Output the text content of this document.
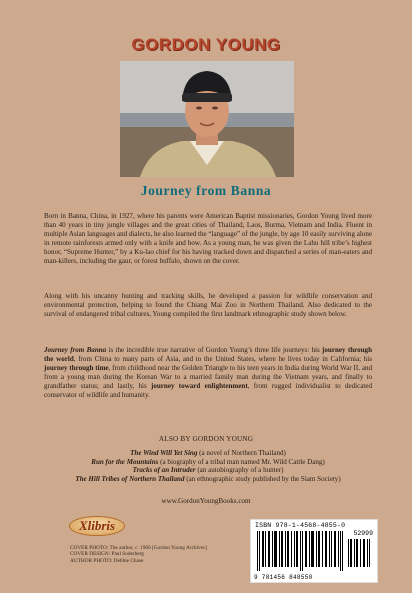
GORDON YOUNG
Journey from Banna

Born in Banna, China, in 1927, where his parents were American Baptist missionaries, Gordon Young lived more than 40 years in tiny jungle villages and the great cities of Thailand, Laos, Burma, Vietnam and India. Fluent in multiple Asian languages and dialects, he also learned the “language” of the jungle, by age 10 easily surviving alone in remote rainforests armed only with a knife and bow. As a young man, he was given the Lahu hill tribe’s highest honor, “Supreme Hunter,” by a Ku-lao chief for his having tracked down and dispatched a series of man-eaters and man-killers, including the gaur, or forest buffalo, shown on the cover.

Along with his uncanny hunting and tracking skills, he developed a passion for wildlife conservation and environmental protection, helping to found the Chiang Mai Zoo in Northern Thailand. Also dedicated to the survival of endangered tribal cultures, Young compiled the first landmark ethnographic study shown below.

Journey from Banna is the incredible true narrative of Gordon Young’s three life journeys: his journey through the world, from China to many parts of Asia, and to the United States, where he lives today in California; his journey through time, from childhood near the Golden Triangle to his teen years in India during World War II, and from a young man during the Korean War to a married family man during the Vietnam years, and finally to grandfather status; and lastly, his journey toward enlightenment, from rugged individualist to dedicated conservator of wildlife and humanity.

ALSO BY GORDON YOUNG
The Wind Will Yet Sing (a novel of Northern Thailand)
Run for the Mountains (a biography of a tribal man named Mr. Wild Cattle Dang)
Tracks of an Intruder (an autobiography of a hunter)
The Hill Tribes of Northern Thailand (an ethnographic study published by the Siam Society)
www.GordonYoungBooks.com
Xlibris
COVER PHOTO: The author, c. 1960 [Gordon Young Archives]
COVER DESIGN: Paul Soderberg
AUTHOR PHOTO: Debbie Chase
ISBN 978-1-4568-4855-0
52999
9 781456 848550
